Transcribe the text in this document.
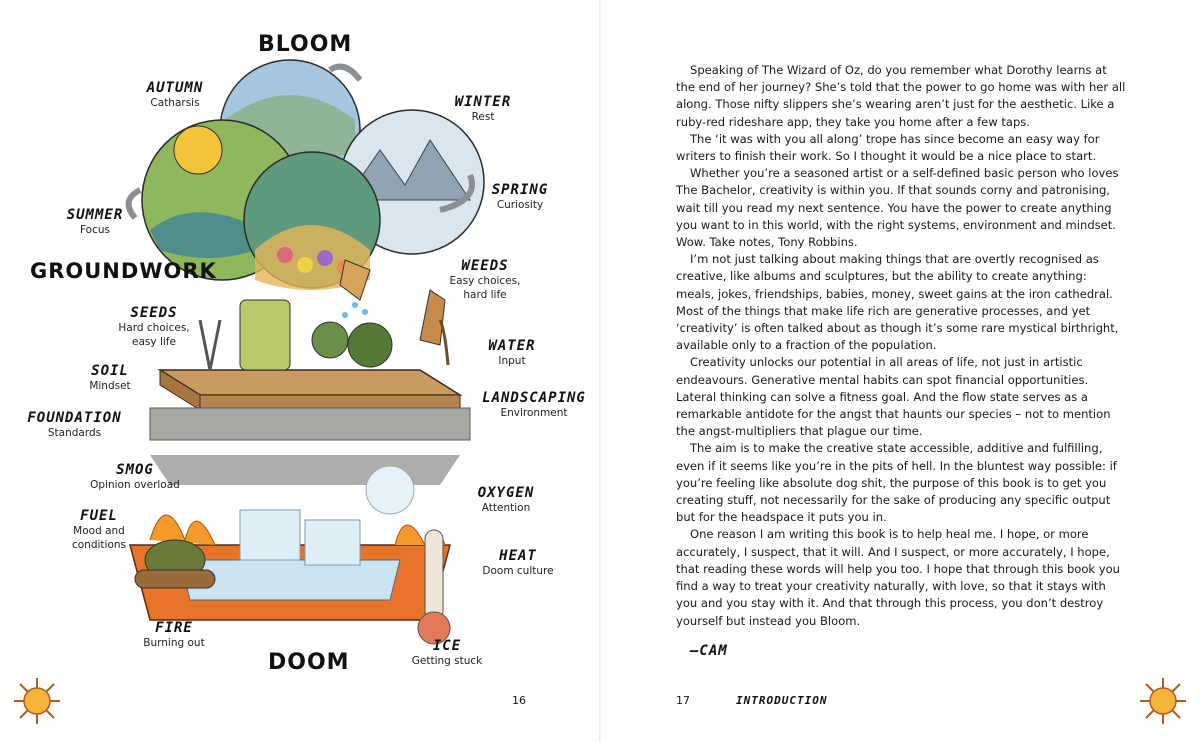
BLOOM
GROUNDWORK
DOOM
AUTUMN
Catharsis	WINTER
Rest
SUMMER
Focus
SPRING
Curiosity
WEEDS
Easy choices, hard life
SEEDS
Hard choices, easy life	WATER
Input
SOIL
Mindset
LANDSCAPING
Environment
FOUNDATION
Standards
SMOG
Opinion overload	OXYGEN
Attention
FUEL
Mood and conditions
HEAT
Doom culture
FIRE
Burning out	ICE
Getting stuck
16

Speaking of The Wizard of Oz, do you remember what Dorothy learns at the end of her journey? She’s told that the power to go home was with her all along. Those nifty slippers she’s wearing aren’t just for the aesthetic. Like a ruby-red rideshare app, they take you home after a few taps.

The ‘it was with you all along’ trope has since become an easy way for writers to finish their work. So I thought it would be a nice place to start.

Whether you’re a seasoned artist or a self-defined basic person who loves The Bachelor, creativity is within you. If that sounds corny and patronising, wait till you read my next sentence. You have the power to create anything you want to in this world, with the right systems, environment and mindset. Wow. Take notes, Tony Robbins.

I’m not just talking about making things that are overtly recognised as creative, like albums and sculptures, but the ability to create anything: meals, jokes, friendships, babies, money, sweet gains at the iron cathedral. Most of the things that make life rich are generative processes, and yet ‘creativity’ is often talked about as though it’s some rare mystical birthright, available only to a fraction of the population.

Creativity unlocks our potential in all areas of life, not just in artistic endeavours. Generative mental habits can spot financial opportunities. Lateral thinking can solve a fitness goal. And the flow state serves as a remarkable antidote for the angst that haunts our species – not to mention the angst-multipliers that plague our time.

The aim is to make the creative state accessible, additive and fulfilling, even if it seems like you’re in the pits of hell. In the bluntest way possible: if you’re feeling like absolute dog shit, the purpose of this book is to get you creating stuff, not necessarily for the sake of producing any specific output but for the headspace it puts you in.

One reason I am writing this book is to help heal me. I hope, or more accurately, I suspect, that it will. And I suspect, or more accurately, I hope, that reading these words will help you too. I hope that through this book you find a way to treat your creativity naturally, with love, so that it stays with you and you stay with it. And that through this process, you don’t destroy yourself but instead you Bloom.

—CAM
17	INTRODUCTION
